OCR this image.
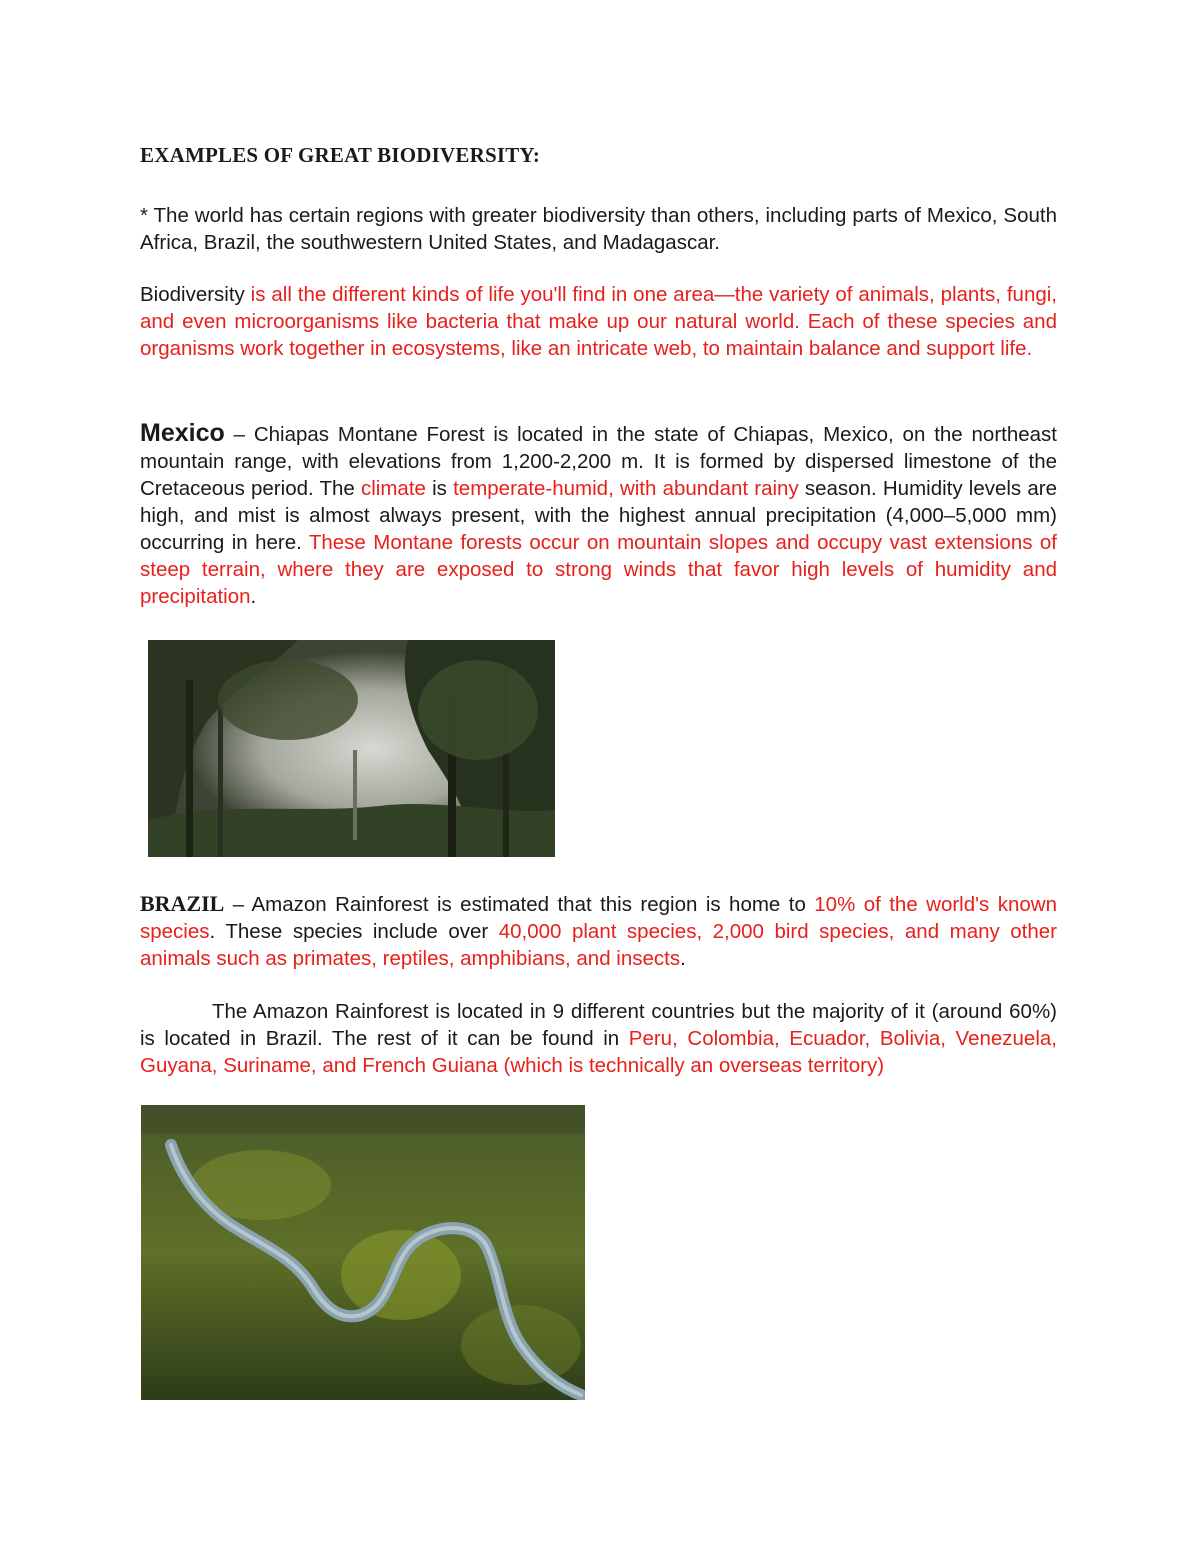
EXAMPLES OF GREAT BIODIVERSITY:
* The world has certain regions with greater biodiversity than others, including parts of Mexico, South Africa, Brazil, the southwestern United States, and Madagascar.
Biodiversity is all the different kinds of life you'll find in one area—the variety of animals, plants, fungi, and even microorganisms like bacteria that make up our natural world. Each of these species and organisms work together in ecosystems, like an intricate web, to maintain balance and support life.
Mexico – Chiapas Montane Forest is located in the state of Chiapas, Mexico, on the northeast mountain range, with elevations from 1,200-2,200 m. It is formed by dispersed limestone of the Cretaceous period. The climate is temperate-humid, with abundant rainy season. Humidity levels are high, and mist is almost always present, with the highest annual precipitation (4,000–5,000 mm) occurring in here. These Montane forests occur on mountain slopes and occupy vast extensions of steep terrain, where they are exposed to strong winds that favor high levels of humidity and precipitation.
BRAZIL – Amazon Rainforest is estimated that this region is home to 10% of the world's known species. These species include over 40,000 plant species, 2,000 bird species, and many other animals such as primates, reptiles, amphibians, and insects.
The Amazon Rainforest is located in 9 different countries but the majority of it (around 60%) is located in Brazil. The rest of it can be found in Peru, Colombia, Ecuador, Bolivia, Venezuela, Guyana, Suriname, and French Guiana (which is technically an overseas territory)
